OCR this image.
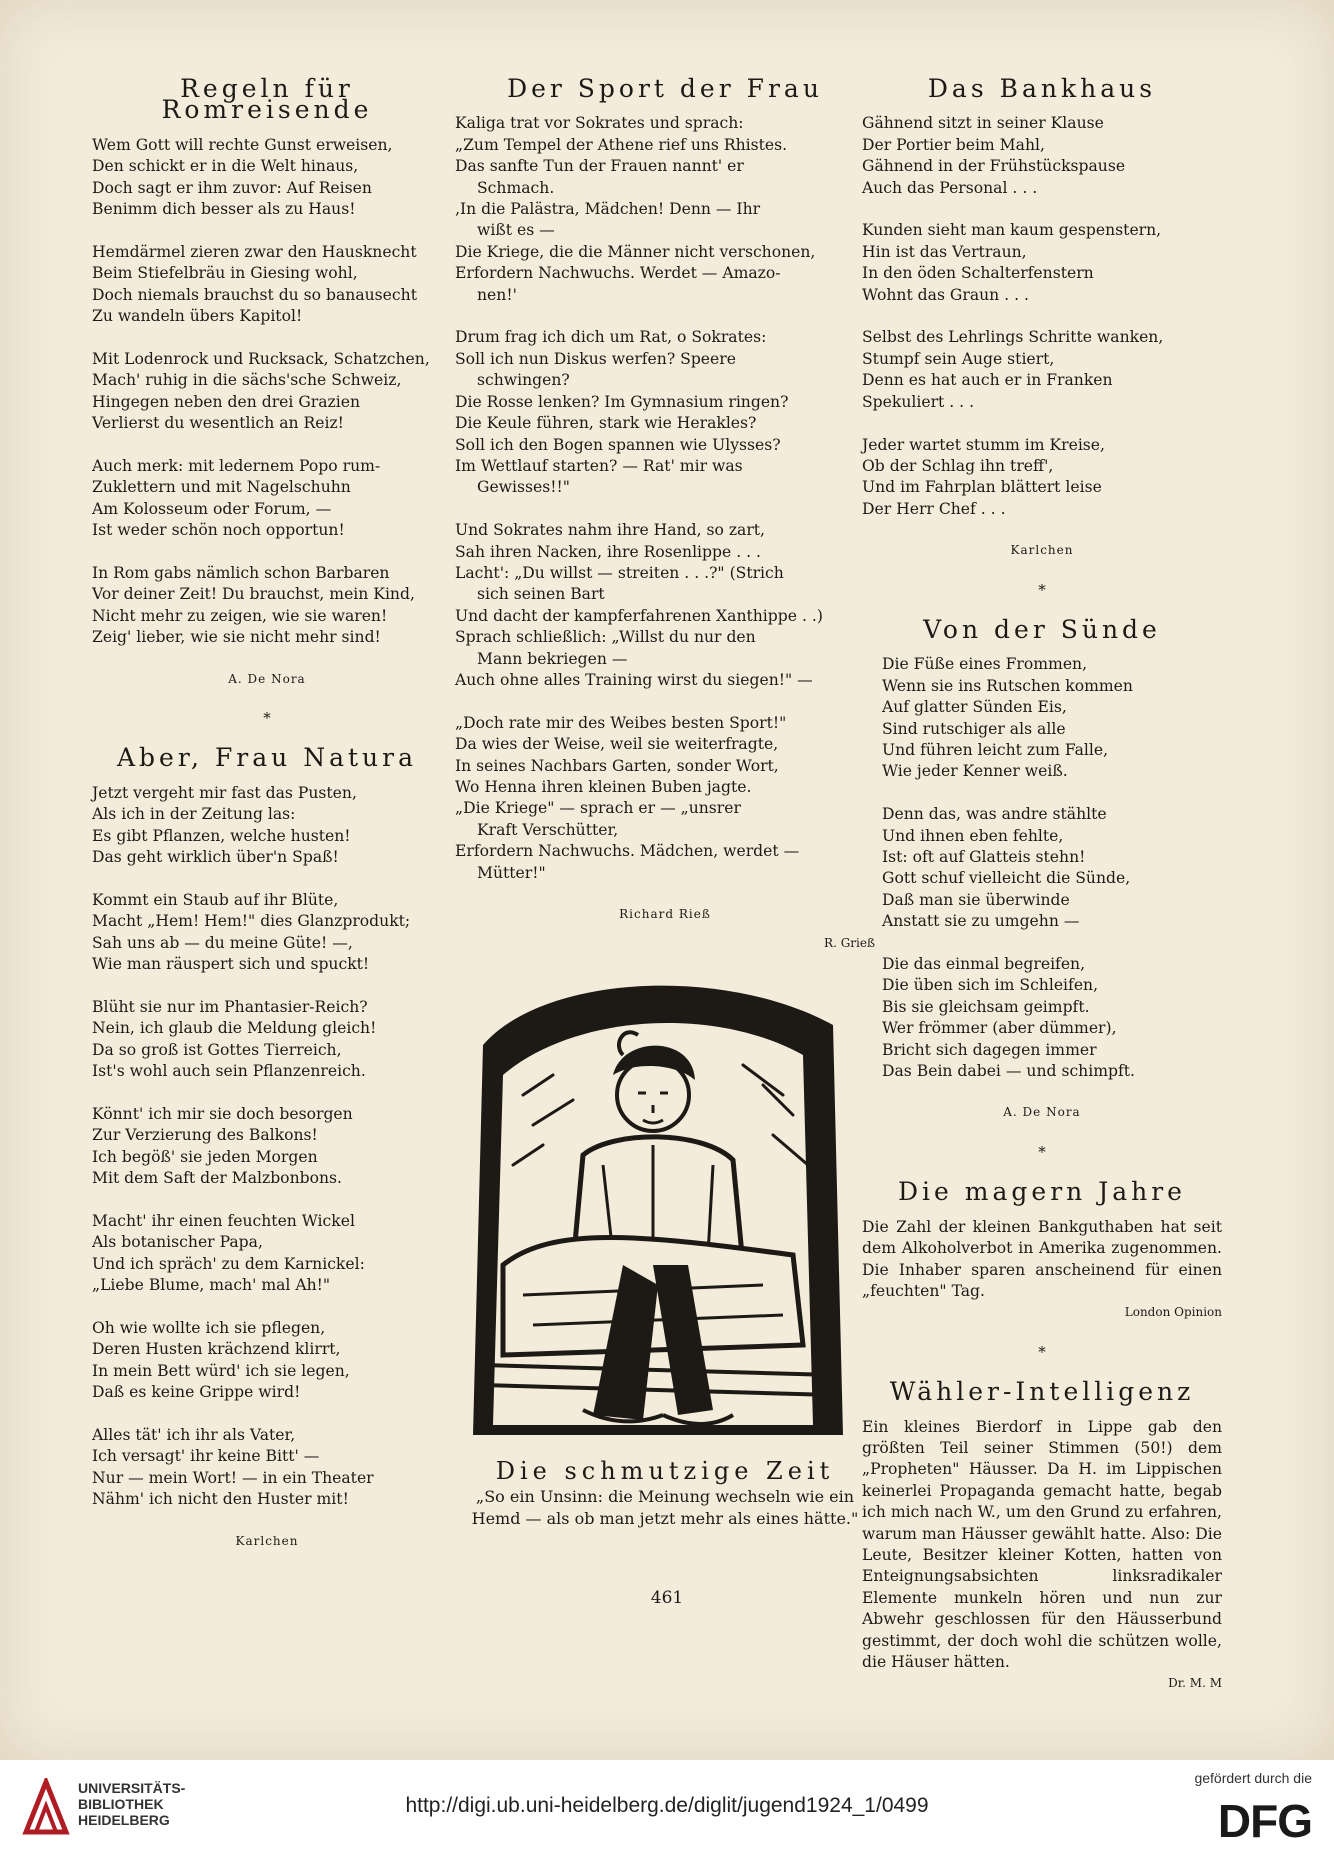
Regeln für Romreisende
Wem Gott will rechte Gunst erweisen,
Den schickt er in die Welt hinaus,
Doch sagt er ihm zuvor: Auf Reisen
Benimm dich besser als zu Haus!

Hemdärmel zieren zwar den Hausknecht
Beim Stiefelbräu in Giesing wohl,
Doch niemals brauchst du so banausecht
Zu wandeln übers Kapitol!

Mit Lodenrock und Rucksack, Schatzchen,
Mach' ruhig in die sächs'sche Schweiz,
Hingegen neben den drei Grazien
Verlierst du wesentlich an Reiz!

Auch merk: mit ledernem Popo rum-
Zuklettern und mit Nagelschuhn
Am Kolosseum oder Forum, —
Ist weder schön noch opportun!

In Rom gabs nämlich schon Barbaren
Vor deiner Zeit! Du brauchst, mein Kind,
Nicht mehr zu zeigen, wie sie waren!
Zeig' lieber, wie sie nicht mehr sind!
A. De Nora
*
Aber, Frau Natura
Jetzt vergeht mir fast das Pusten,
Als ich in der Zeitung las:
Es gibt Pflanzen, welche husten!
Das geht wirklich über'n Spaß!

Kommt ein Staub auf ihr Blüte,
Macht „Hem! Hem!" dies Glanzprodukt;
Sah uns ab — du meine Güte! —,
Wie man räuspert sich und spuckt!

Blüht sie nur im Phantasier-Reich?
Nein, ich glaub die Meldung gleich!
Da so groß ist Gottes Tierreich,
Ist's wohl auch sein Pflanzenreich.

Könnt' ich mir sie doch besorgen
Zur Verzierung des Balkons!
Ich begöß' sie jeden Morgen
Mit dem Saft der Malzbonbons.

Macht' ihr einen feuchten Wickel
Als botanischer Papa,
Und ich spräch' zu dem Karnickel:
„Liebe Blume, mach' mal Ah!"

Oh wie wollte ich sie pflegen,
Deren Husten krächzend klirrt,
In mein Bett würd' ich sie legen,
Daß es keine Grippe wird!

Alles tät' ich ihr als Vater,
Ich versagt' ihr keine Bitt' —
Nur — mein Wort! — in ein Theater
Nähm' ich nicht den Huster mit!
Karlchen
Der Sport der Frau
Kaliga trat vor Sokrates und sprach:
„Zum Tempel der Athene rief uns Rhistes.
Das sanfte Tun der Frauen nannt' er
Schmach.
‚In die Palästra, Mädchen! Denn — Ihr
wißt es —
Die Kriege, die die Männer nicht verschonen,
Erfordern Nachwuchs. Werdet — Amazo-
nen!'

Drum frag ich dich um Rat, o Sokrates:
Soll ich nun Diskus werfen? Speere
schwingen?
Die Rosse lenken? Im Gymnasium ringen?
Die Keule führen, stark wie Herakles?
Soll ich den Bogen spannen wie Ulysses?
Im Wettlauf starten? — Rat' mir was
Gewisses!!"

Und Sokrates nahm ihre Hand, so zart,
Sah ihren Nacken, ihre Rosenlippe . . .
Lacht': „Du willst — streiten . . .?" (Strich
sich seinen Bart
Und dacht der kampferfahrenen Xanthippe . .)
Sprach schließlich: „Willst du nur den
Mann bekriegen —
Auch ohne alles Training wirst du siegen!" —

„Doch rate mir des Weibes besten Sport!"
Da wies der Weise, weil sie weiterfragte,
In seines Nachbars Garten, sonder Wort,
Wo Henna ihren kleinen Buben jagte.
„Die Kriege" — sprach er — „unsrer
Kraft Verschütter,
Erfordern Nachwuchs. Mädchen, werdet —
Mütter!"
Richard Rieß
R. Grieß
R.G
Die schmutzige Zeit
„So ein Unsinn: die Meinung wechseln wie ein
Hemd — als ob man jetzt mehr als eines hätte."
Das Bankhaus
Gähnend sitzt in seiner Klause
Der Portier beim Mahl,
Gähnend in der Frühstückspause
Auch das Personal . . .

Kunden sieht man kaum gespenstern,
Hin ist das Vertraun,
In den öden Schalterfenstern
Wohnt das Graun . . .

Selbst des Lehrlings Schritte wanken,
Stumpf sein Auge stiert,
Denn es hat auch er in Franken
Spekuliert . . .

Jeder wartet stumm im Kreise,
Ob der Schlag ihn treff',
Und im Fahrplan blättert leise
Der Herr Chef . . .
Karlchen
*
Von der Sünde
Die Füße eines Frommen,
Wenn sie ins Rutschen kommen
Auf glatter Sünden Eis,
Sind rutschiger als alle
Und führen leicht zum Falle,
Wie jeder Kenner weiß.

Denn das, was andre stählte
Und ihnen eben fehlte,
Ist: oft auf Glatteis stehn!
Gott schuf vielleicht die Sünde,
Daß man sie überwinde
Anstatt sie zu umgehn —

Die das einmal begreifen,
Die üben sich im Schleifen,
Bis sie gleichsam geimpft.
Wer frömmer (aber dümmer),
Bricht sich dagegen immer
Das Bein dabei — und schimpft.
A. De Nora
*
Die magern Jahre
Die Zahl der kleinen Bankguthaben hat seit dem Alkoholverbot in Amerika zugenommen. Die Inhaber sparen anscheinend für einen „feuchten" Tag.
London Opinion
*
Wähler-Intelligenz
Ein kleines Bierdorf in Lippe gab den größten Teil seiner Stimmen (50!) dem „Propheten" Häusser. Da H. im Lippischen keinerlei Propaganda gemacht hatte, begab ich mich nach W., um den Grund zu erfahren, warum man Häusser gewählt hatte. Also: Die Leute, Besitzer kleiner Kotten, hatten von Enteignungsabsichten linksradikaler Elemente munkeln hören und nun zur Abwehr geschlossen für den Häusserbund gestimmt, der doch wohl die schützen wolle, die Häuser hätten.
Dr. M. M
461
UNIVERSITÄTS-
BIBLIOTHEK
HEIDELBERG
http://digi.ub.uni-heidelberg.de/diglit/jugend1924_1/0499
gefördert durch die
DFG
